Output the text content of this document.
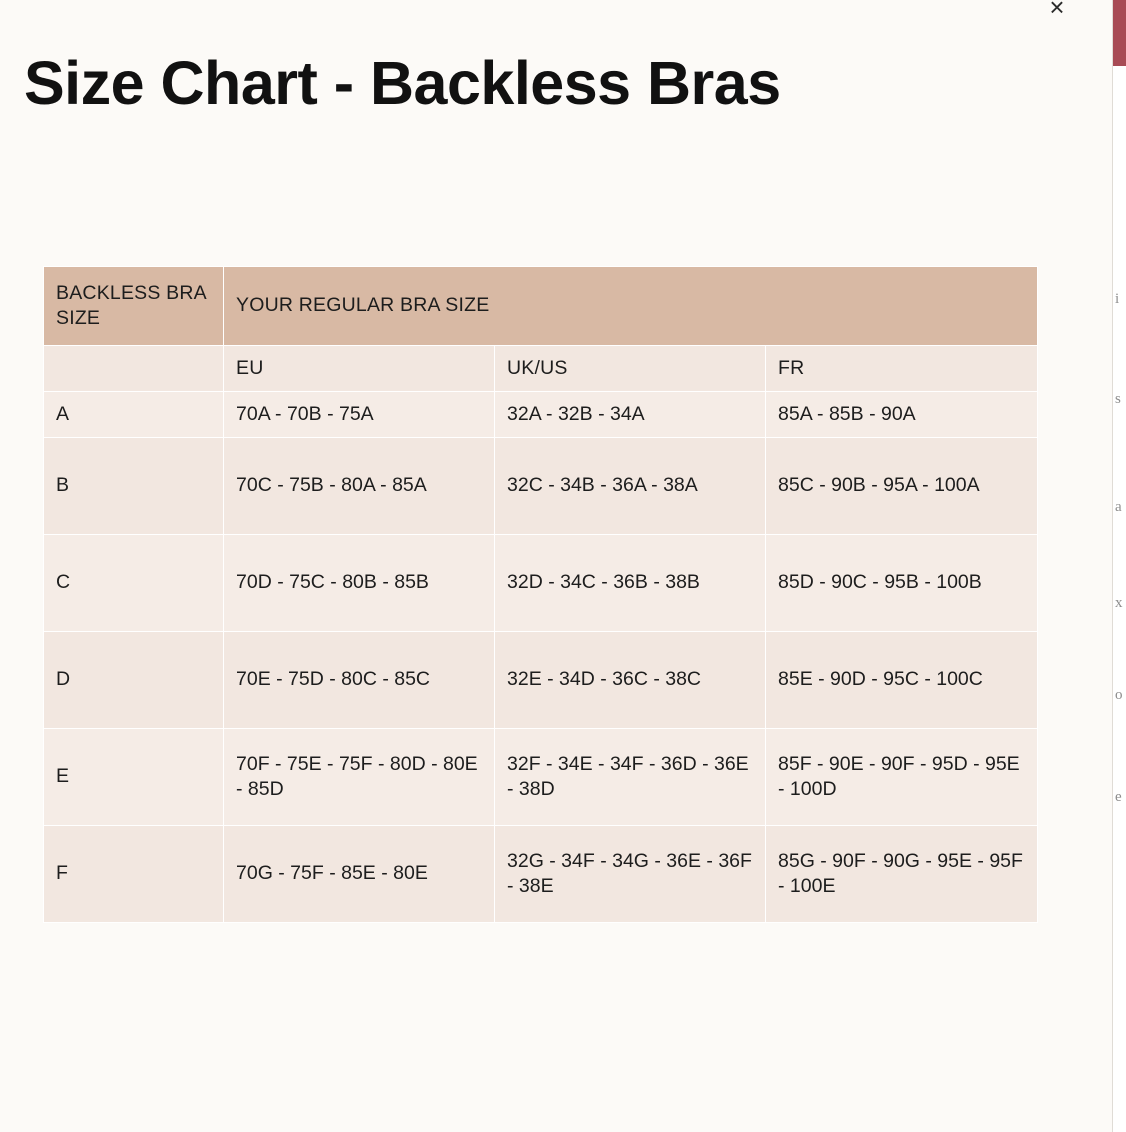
×
Size Chart - Backless Bras
BACKLESS BRA SIZE	YOUR REGULAR BRA SIZE		
	EU	UK/US	FR
A	70A - 70B - 75A	32A - 32B - 34A	85A - 85B - 90A
B	70C - 75B - 80A - 85A	32C - 34B - 36A - 38A	85C - 90B - 95A - 100A
C	70D - 75C - 80B - 85B	32D - 34C - 36B - 38B	85D - 90C - 95B - 100B
D	70E - 75D - 80C - 85C	32E - 34D - 36C - 38C	85E - 90D - 95C - 100C
E	70F - 75E - 75F - 80D - 80E - 85D	32F - 34E - 34F - 36D - 36E - 38D	85F - 90E - 90F - 95D - 95E - 100D
F	70G - 75F - 85E - 80E	32G - 34F - 34G - 36E - 36F - 38E	85G - 90F - 90G - 95E - 95F - 100E
i
s
a
x
o
e
